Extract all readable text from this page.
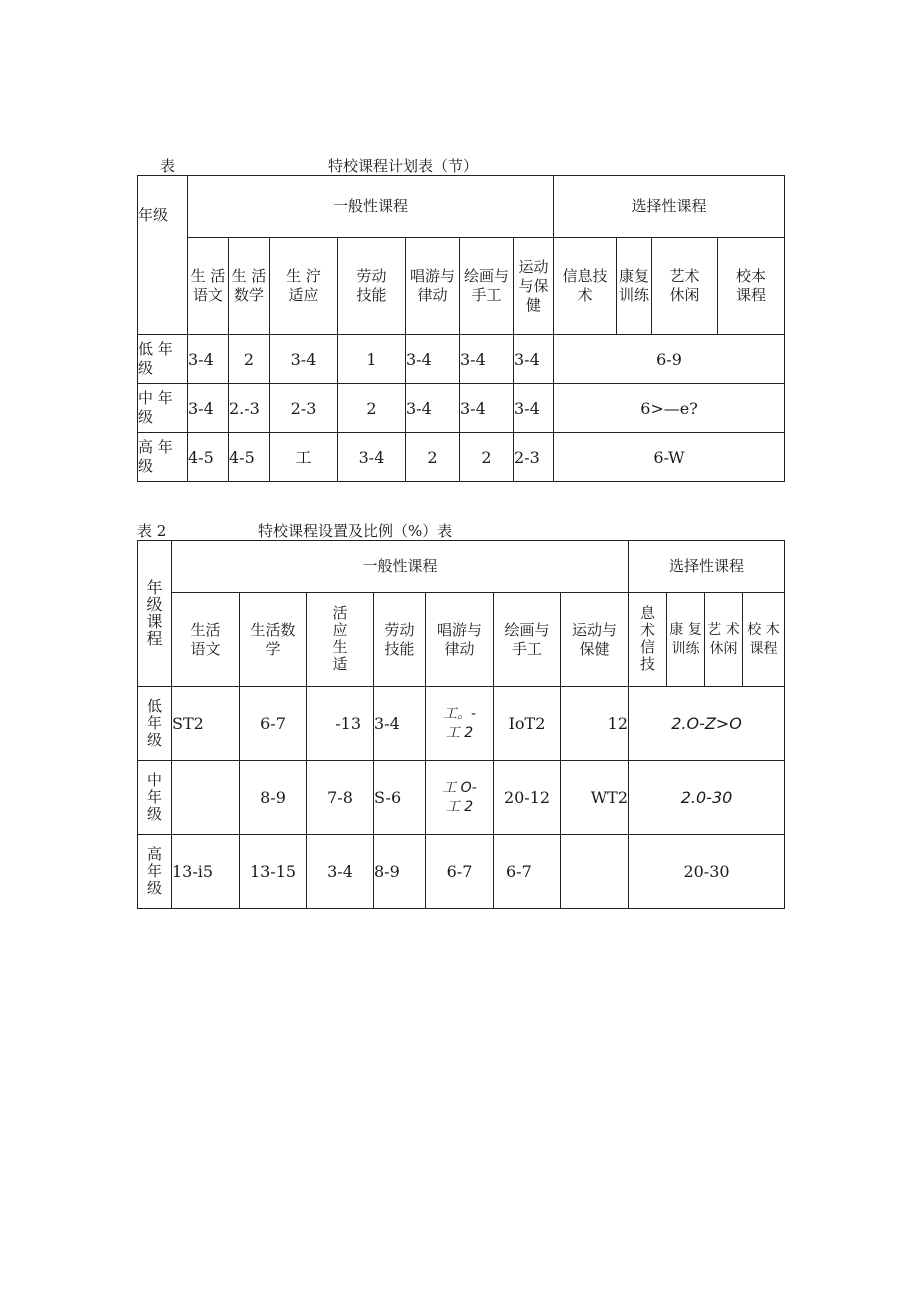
表	特校课程计划表（节）
年级	一般性课程							选择性课程			
	生 活语文	生 活数学	生 泞 适应	劳动技能	唱游与律动	绘画与手工	运动与保健	信息技术	康复训练	艺术休闲	校本课程
低 年级	3-4	2	3-4	1	3-4	3-4	3-4	6-9			
中 年级	3-4	2.-3	2-3	2	3-4	3-4	3-4	6>—e?			
高 年级	4-5	4-5	工	3-4	2	2	2-3	6-W			
表 2	特校课程设置及比例（%）表
年级课程	一般性课程							选择性课程			
	生活语文	生活数学	活应生适	劳动技能	唱游与律动	绘画与手工	运动与保健	息术信技	康 复训练	艺 术休闲	校 木课程
低年级	ST2	6-7	-13	3-4	工。-工 2	IoT2	12	2.O-Z>O			
中年级		8-9	7-8	S-6	工 O-工 2	20-12	WT2	2.0-30			
高年级	13-i5	13-15	3-4	8-9	6-7	6-7		20-30			
